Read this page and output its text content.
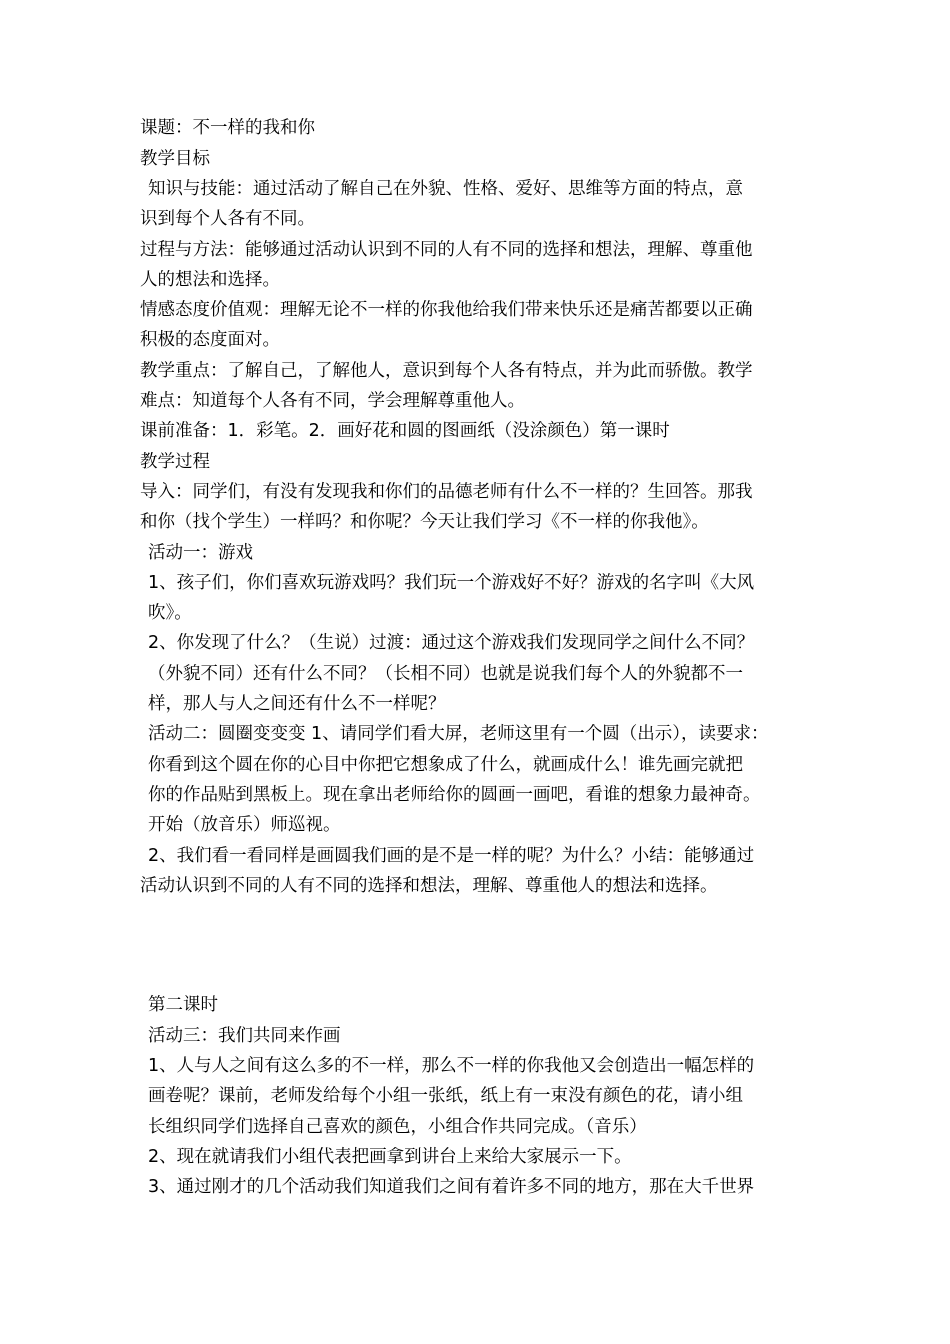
课题：不一样的我和你
教学目标
知识与技能：通过活动了解自己在外貌、性格、爱好、思维等方面的特点，意
识到每个人各有不同。
过程与方法：能够通过活动认识到不同的人有不同的选择和想法，理解、尊重他
人的想法和选择。
情感态度价值观：理解无论不一样的你我他给我们带来快乐还是痛苦都要以正确
积极的态度面对。
教学重点：了解自己，了解他人，意识到每个人各有特点，并为此而骄傲。教学
难点：知道每个人各有不同，学会理解尊重他人。
课前准备：1．彩笔。2．画好花和圆的图画纸（没涂颜色）第一课时
教学过程
导入：同学们，有没有发现我和你们的品德老师有什么不一样的？生回答。那我
和你（找个学生）一样吗？和你呢？今天让我们学习《不一样的你我他》。
活动一：游戏
1、孩子们，你们喜欢玩游戏吗？我们玩一个游戏好不好？游戏的名字叫《大风
吹》。
2、你发现了什么？（生说）过渡：通过这个游戏我们发现同学之间什么不同？
（外貌不同）还有什么不同？（长相不同）也就是说我们每个人的外貌都不一
样，那人与人之间还有什么不一样呢？
活动二：圆圈变变变 1、请同学们看大屏，老师这里有一个圆（出示），读要求：
你看到这个圆在你的心目中你把它想象成了什么，就画成什么！谁先画完就把
你的作品贴到黑板上。现在拿出老师给你的圆画一画吧，看谁的想象力最神奇。
开始（放音乐）师巡视。
2、我们看一看同样是画圆我们画的是不是一样的呢？为什么？小结：能够通过
活动认识到不同的人有不同的选择和想法，理解、尊重他人的想法和选择。
第二课时
活动三：我们共同来作画
1、人与人之间有这么多的不一样，那么不一样的你我他又会创造出一幅怎样的
画卷呢？课前，老师发给每个小组一张纸，纸上有一束没有颜色的花，请小组
长组织同学们选择自己喜欢的颜色，小组合作共同完成。（音乐）
2、现在就请我们小组代表把画拿到讲台上来给大家展示一下。
3、通过刚才的几个活动我们知道我们之间有着许多不同的地方，那在大千世界
